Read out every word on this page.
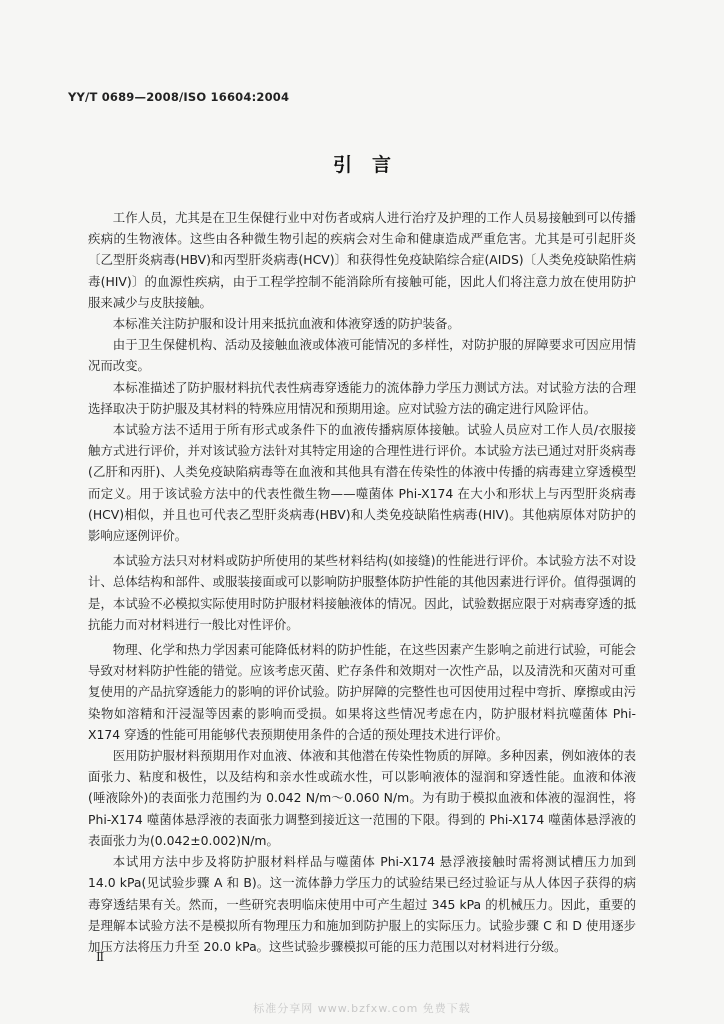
YY/T 0689—2008/ISO 16604:2004
引言

工作人员，尤其是在卫生保健行业中对伤者或病人进行治疗及护理的工作人员易接触到可以传播疾病的生物液体。这些由各种微生物引起的疾病会对生命和健康造成严重危害。尤其是可引起肝炎〔乙型肝炎病毒(HBV)和丙型肝炎病毒(HCV)〕和获得性免疫缺陷综合症(AIDS)〔人类免疫缺陷性病毒(HIV)〕的血源性疾病，由于工程学控制不能消除所有接触可能，因此人们将注意力放在使用防护服来减少与皮肤接触。

本标准关注防护服和设计用来抵抗血液和体液穿透的防护装备。

由于卫生保健机构、活动及接触血液或体液可能情况的多样性，对防护服的屏障要求可因应用情况而改变。

本标准描述了防护服材料抗代表性病毒穿透能力的流体静力学压力测试方法。对试验方法的合理选择取决于防护服及其材料的特殊应用情况和预期用途。应对试验方法的确定进行风险评估。

本试验方法不适用于所有形式或条件下的血液传播病原体接触。试验人员应对工作人员/衣服接触方式进行评价，并对该试验方法针对其特定用途的合理性进行评价。本试验方法已通过对肝炎病毒(乙肝和丙肝)、人类免疫缺陷病毒等在血液和其他具有潜在传染性的体液中传播的病毒建立穿透模型而定义。用于该试验方法中的代表性微生物——噬菌体 Phi-X174 在大小和形状上与丙型肝炎病毒(HCV)相似，并且也可代表乙型肝炎病毒(HBV)和人类免疫缺陷性病毒(HIV)。其他病原体对防护的影响应逐例评价。

本试验方法只对材料或防护所使用的某些材料结构(如接缝)的性能进行评价。本试验方法不对设计、总体结构和部件、或服装接面或可以影响防护服整体防护性能的其他因素进行评价。值得强调的是，本试验不必模拟实际使用时防护服材料接触液体的情况。因此，试验数据应限于对病毒穿透的抵抗能力而对材料进行一般比对性评价。

物理、化学和热力学因素可能降低材料的防护性能，在这些因素产生影响之前进行试验，可能会导致对材料防护性能的错觉。应该考虑灭菌、贮存条件和效期对一次性产品，以及清洗和灭菌对可重复使用的产品抗穿透能力的影响的评价试验。防护屏障的完整性也可因使用过程中弯折、摩擦或由污染物如溶精和汗浸湿等因素的影响而受损。如果将这些情况考虑在内，防护服材料抗噬菌体 Phi-X174 穿透的性能可用能够代表预期使用条件的合适的预处理技术进行评价。

医用防护服材料预期用作对血液、体液和其他潜在传染性物质的屏障。多种因素，例如液体的表面张力、粘度和极性，以及结构和亲水性或疏水性，可以影响液体的湿润和穿透性能。血液和体液(唾液除外)的表面张力范围约为 0.042 N/m～0.060 N/m。为有助于模拟血液和体液的湿润性，将 Phi-X174 噬菌体悬浮液的表面张力调整到接近这一范围的下限。得到的 Phi-X174 噬菌体悬浮液的表面张力为(0.042±0.002)N/m。

本试用方法中步及将防护服材料样品与噬菌体 Phi-X174 悬浮液接触时需将测试槽压力加到 14.0 kPa(见试验步骤 A 和 B)。这一流体静力学压力的试验结果已经过验证与从人体因子获得的病毒穿透结果有关。然而，一些研究表明临床使用中可产生超过 345 kPa 的机械压力。因此，重要的是理解本试验方法不是模拟所有物理压力和施加到防护服上的实际压力。试验步骤 C 和 D 使用逐步加压方法将压力升至 20.0 kPa。这些试验步骤模拟可能的压力范围以对材料进行分级。

Ⅱ
标准分享网 www.bzfxw.com 免费下载
